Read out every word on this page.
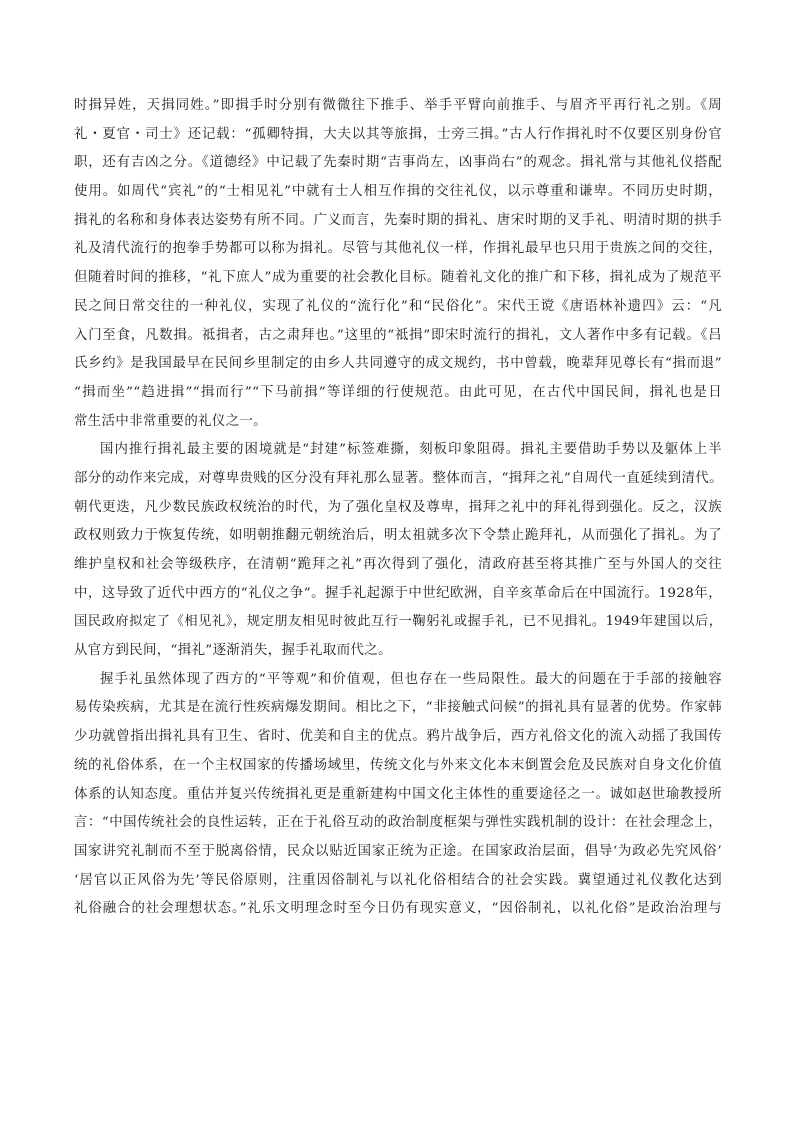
时揖异姓，天揖同姓。”即揖手时分别有微微往下推手、举手平臂向前推手、与眉齐平再行礼之别。《周
礼・夏官・司士》还记载：“孤卿特揖，大夫以其等旅揖，士旁三揖。”古人行作揖礼时不仅要区别身份官
职，还有吉凶之分。《道德经》中记载了先秦时期“吉事尚左，凶事尚右”的观念。揖礼常与其他礼仪搭配
使用。如周代“宾礼”的“士相见礼”中就有士人相互作揖的交往礼仪，以示尊重和谦卑。不同历史时期，
揖礼的名称和身体表达姿势有所不同。广义而言，先秦时期的揖礼、唐宋时期的叉手礼、明清时期的拱手
礼及清代流行的抱拳手势都可以称为揖礼。尽管与其他礼仪一样，作揖礼最早也只用于贵族之间的交往，
但随着时间的推移，“礼下庶人”成为重要的社会教化目标。随着礼文化的推广和下移，揖礼成为了规范平
民之间日常交往的一种礼仪，实现了礼仪的“流行化”和“民俗化”。宋代王谠《唐语林补遗四》云：“凡
入门至食，凡数揖。祗揖者，古之肃拜也。”这里的“祗揖”即宋时流行的揖礼，文人著作中多有记载。《吕
氏乡约》是我国最早在民间乡里制定的由乡人共同遵守的成文规约，书中曾载，晚辈拜见尊长有“揖而退”
“揖而坐”“趋进揖”“揖而行”“下马前揖”等详细的行使规范。由此可见，在古代中国民间，揖礼也是日
常生活中非常重要的礼仪之一。
国内推行揖礼最主要的困境就是“封建”标签难撕，刻板印象阻碍。揖礼主要借助手势以及躯体上半
部分的动作来完成，对尊卑贵贱的区分没有拜礼那么显著。整体而言，“揖拜之礼”自周代一直延续到清代。
朝代更迭，凡少数民族政权统治的时代，为了强化皇权及尊卑，揖拜之礼中的拜礼得到强化。反之，汉族
政权则致力于恢复传统，如明朝推翻元朝统治后，明太祖就多次下令禁止跪拜礼，从而强化了揖礼。为了
维护皇权和社会等级秩序，在清朝“跪拜之礼”再次得到了强化，清政府甚至将其推广至与外国人的交往
中，这导致了近代中西方的“礼仪之争”。握手礼起源于中世纪欧洲，自辛亥革命后在中国流行。1928年，
国民政府拟定了《相见礼》，规定朋友相见时彼此互行一鞠躬礼或握手礼，已不见揖礼。1949年建国以后，
从官方到民间，“揖礼”逐渐消失，握手礼取而代之。
握手礼虽然体现了西方的“平等观”和价值观，但也存在一些局限性。最大的问题在于手部的接触容
易传染疾病，尤其是在流行性疾病爆发期间。相比之下，“非接触式问候”的揖礼具有显著的优势。作家韩
少功就曾指出揖礼具有卫生、省时、优美和自主的优点。鸦片战争后，西方礼俗文化的流入动摇了我国传
统的礼俗体系，在一个主权国家的传播场域里，传统文化与外来文化本末倒置会危及民族对自身文化价值
体系的认知态度。重估并复兴传统揖礼更是重新建构中国文化主体性的重要途径之一。诚如赵世瑜教授所
言：“中国传统社会的良性运转，正在于礼俗互动的政治制度框架与弹性实践机制的设计：在社会理念上，
国家讲究礼制而不至于脱离俗情，民众以贴近国家正统为正途。在国家政治层面，倡导‘为政必先究风俗’
‘居官以正风俗为先’等民俗原则，注重因俗制礼与以礼化俗相结合的社会实践。冀望通过礼仪教化达到
礼俗融合的社会理想状态。”礼乐文明理念时至今日仍有现实意义，“因俗制礼，以礼化俗”是政治治理与
